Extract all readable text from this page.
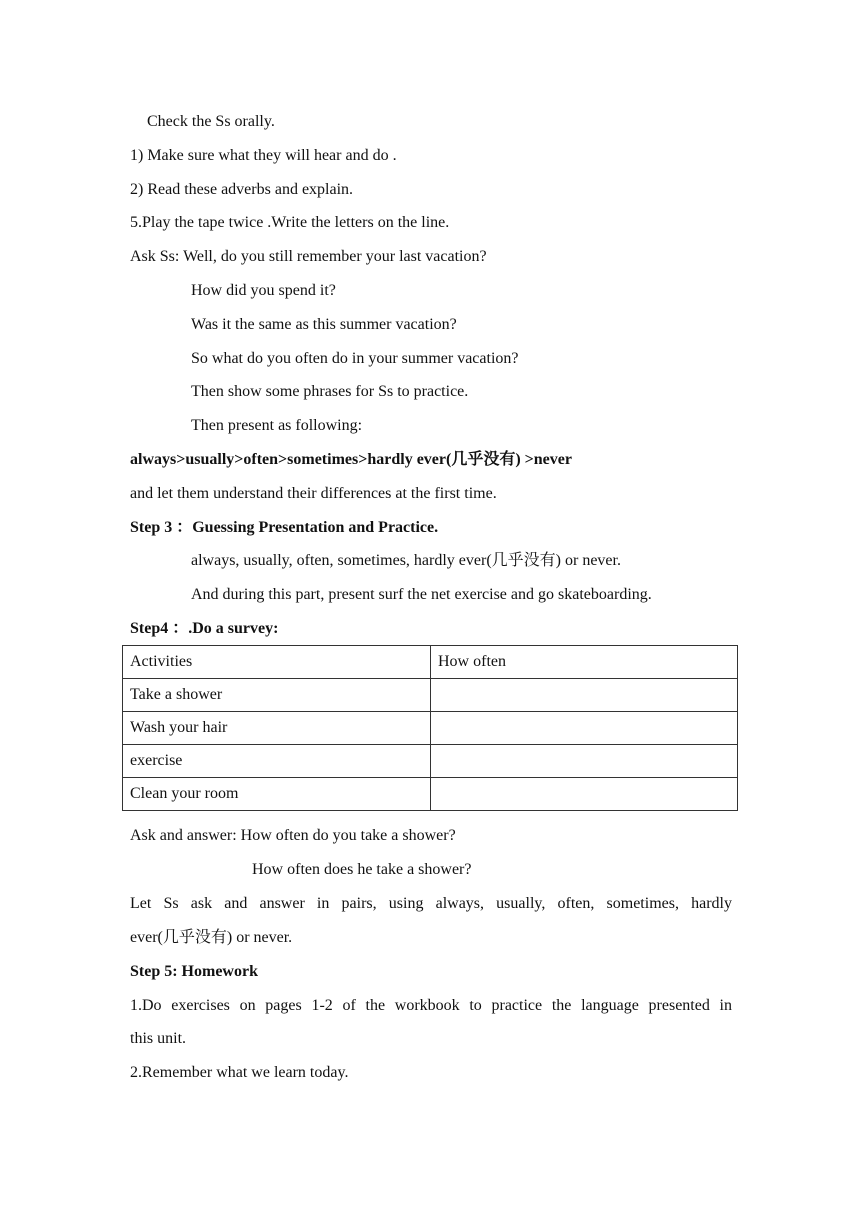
Check the Ss orally.
1) Make sure what they will hear and do .
2) Read these adverbs and explain.
5.Play the tape twice .Write the letters on the line.
Ask Ss: Well, do you still remember your last vacation?
How did you spend it?
Was it the same as this summer vacation?
So what do you often do in your summer vacation?
Then show some phrases for Ss to practice.
Then present as following:
always>usually>often>sometimes>hardly ever(几乎没有) >never
and let them understand their differences at the first time.
Step 3 ：Guessing Presentation and Practice.
always, usually, often, sometimes, hardly ever(几乎没有) or never.
And during this part, present surf the net exercise and go skateboarding.
Step4 ：.Do a survey:
Activities	How often
Take a shower	
Wash your hair	
exercise	
Clean your room	
Ask and answer: How often do you take a shower?
How often does he take a shower?
Let Ss ask and answer in pairs, using always, usually, often, sometimes, hardly
ever(几乎没有) or never.
Step 5: Homework
1.Do exercises on pages 1-2 of the workbook to practice the language presented in
this unit.
2.Remember what we learn today.
